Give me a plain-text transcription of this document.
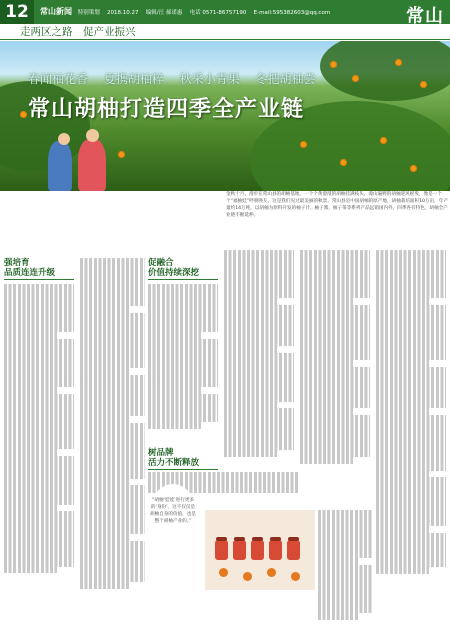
12	常山新闻 特别策划　 2018.10.27　 编辑/汪 郝诺惠　 电话 0571-86757190　 E-mail:595382603@qq.com	常山
走两区之路　促产业振兴
春闻柚花香 夏携胡柚粹 秋采小青果 冬把胡柚尝
常山胡柚打造四季全产业链
金秋十月，漫步在常山县的胡柚基地，一个个黄澄澄的胡柚挂满枝头，漫山遍野的胡柚迎风摇曳，像是一个个“福柚娃”呼朋唤友，这是我们见过最美丽的秋景。常山县是中国胡柚的原产地，胡柚栽培面积10万亩，年产量约14万吨，以胡柚为原料开发的柚子汁、柚子酱、柚子茶等系列产品远销国内外。四季各有特色，胡柚全产业链不断延伸。
强培育
品质连连升级
促融合
价值持续深挖
树品牌
活力不断释放
“胡柚‘娃娃’进行更多的‘身份’，这不仅仅是胡柚自身的价值，也是整个胡柚产业的。”
